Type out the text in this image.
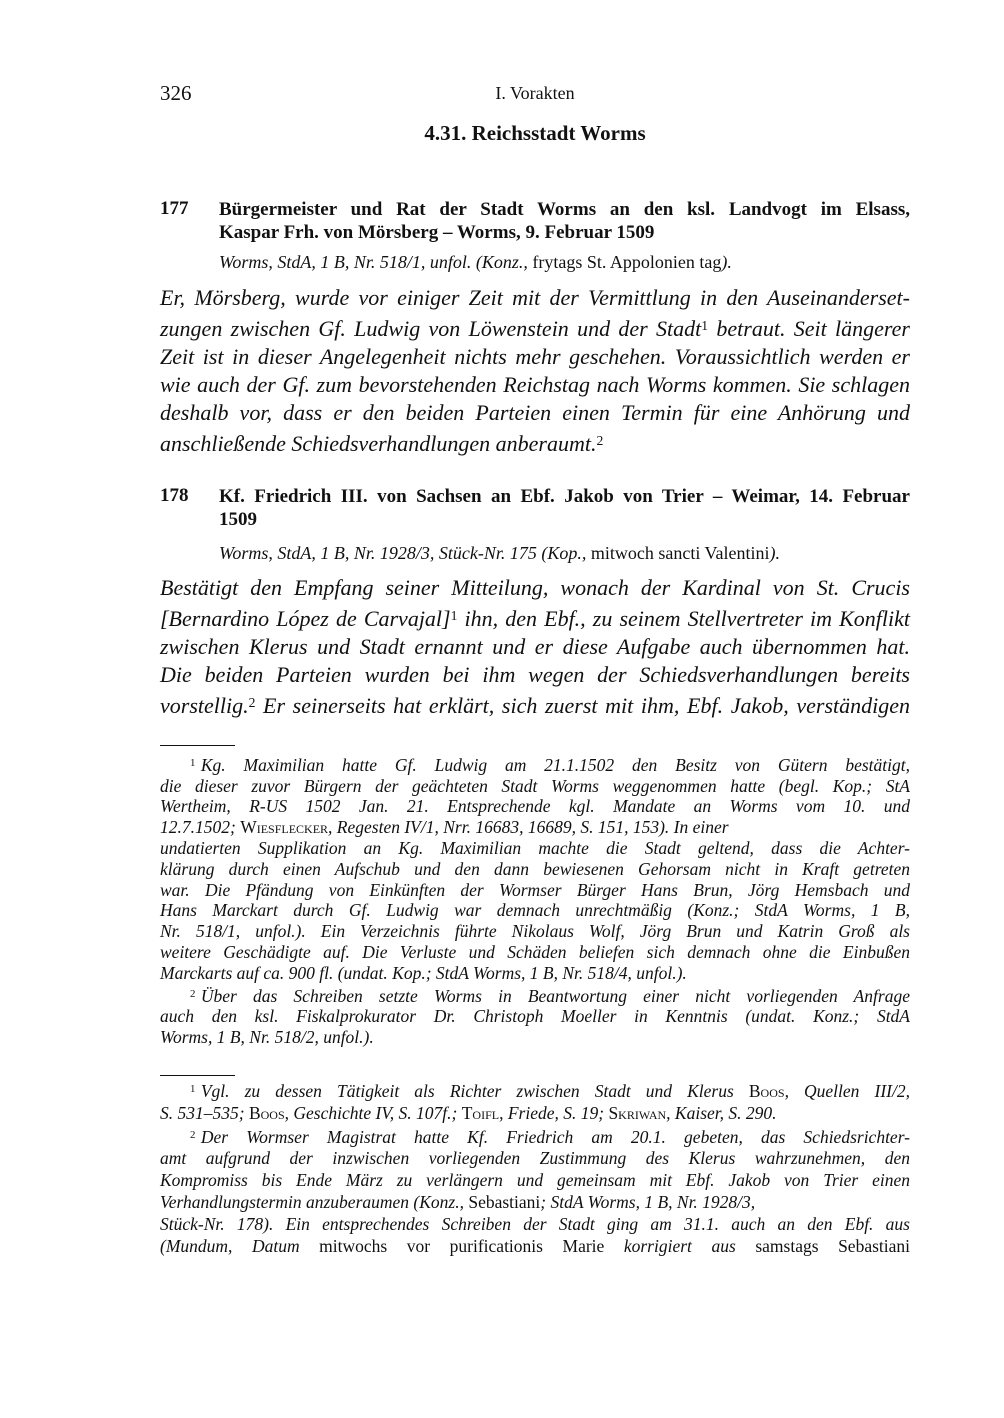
326	I. Vorakten
4.31. Reichsstadt Worms
177 Bürgermeister und Rat der Stadt Worms an den ksl. Landvogt im Elsass,
Kaspar Frh. von Mörsberg – Worms, 9. Februar 1509
Worms, StdA, 1 B, Nr. 518/1, unfol. (Konz., frytags St. Appolonien tag).
Er, Mörsberg, wurde vor einiger Zeit mit der Vermittlung in den Auseinanderset-
zungen zwischen Gf. Ludwig von Löwenstein und der Stadt$^1$ betraut. Seit längerer
Zeit ist in dieser Angelegenheit nichts mehr geschehen. Voraussichtlich werden er
wie auch der Gf. zum bevorstehenden Reichstag nach Worms kommen. Sie schlagen
deshalb vor, dass er den beiden Parteien einen Termin für eine Anhörung und
anschließende Schiedsverhandlungen anberaumt.$^2$
178 Kf. Friedrich III. von Sachsen an Ebf. Jakob von Trier – Weimar, 14. Februar
1509
Worms, StdA, 1 B, Nr. 1928/3, Stück-Nr. 175 (Kop., mitwoch sancti Valentini).
Bestätigt den Empfang seiner Mitteilung, wonach der Kardinal von St. Crucis
[Bernardino López de Carvajal]$^1$ ihn, den Ebf., zu seinem Stellvertreter im Konflikt
zwischen Klerus und Stadt ernannt und er diese Aufgabe auch übernommen hat.
Die beiden Parteien wurden bei ihm wegen der Schiedsverhandlungen bereits
vorstellig.$^2$ Er seinerseits hat erklärt, sich zuerst mit ihm, Ebf. Jakob, verständigen
$^1$ Kg. Maximilian hatte Gf. Ludwig am 21.1.1502 den Besitz von Gütern bestätigt,
die dieser zuvor Bürgern der geächteten Stadt Worms weggenommen hatte (begl. Kop.; StA
Wertheim, R-US 1502 Jan. 21. Entsprechende kgl. Mandate an Worms vom 10. und
12.7.1502; Wiesflecker, Regesten IV/1, Nrr. 16683, 16689, S. 151, 153). In einer
undatierten Supplikation an Kg. Maximilian machte die Stadt geltend, dass die Achter-
klärung durch einen Aufschub und den dann bewiesenen Gehorsam nicht in Kraft getreten
war. Die Pfändung von Einkünften der Wormser Bürger Hans Brun, Jörg Hemsbach und
Hans Marckart durch Gf. Ludwig war demnach unrechtmäßig (Konz.; StdA Worms, 1 B,
Nr. 518/1, unfol.). Ein Verzeichnis führte Nikolaus Wolf, Jörg Brun und Katrin Groß als
weitere Geschädigte auf. Die Verluste und Schäden beliefen sich demnach ohne die Einbußen
Marckarts auf ca. 900 fl. (undat. Kop.; StdA Worms, 1 B, Nr. 518/4, unfol.).
$^2$ Über das Schreiben setzte Worms in Beantwortung einer nicht vorliegenden Anfrage
auch den ksl. Fiskalprokurator Dr. Christoph Moeller in Kenntnis (undat. Konz.; StdA
Worms, 1 B, Nr. 518/2, unfol.).
$^1$ Vgl. zu dessen Tätigkeit als Richter zwischen Stadt und Klerus Boos, Quellen III/2,
S. 531–535; Boos, Geschichte IV, S. 107f.; Toifl, Friede, S. 19; Skriwan, Kaiser, S. 290.
$^2$ Der Wormser Magistrat hatte Kf. Friedrich am 20.1. gebeten, das Schiedsrichter-
amt aufgrund der inzwischen vorliegenden Zustimmung des Klerus wahrzunehmen, den
Kompromiss bis Ende März zu verlängern und gemeinsam mit Ebf. Jakob von Trier einen
Verhandlungstermin anzuberaumen (Konz., Sebastiani; StdA Worms, 1 B, Nr. 1928/3,
Stück-Nr. 178). Ein entsprechendes Schreiben der Stadt ging am 31.1. auch an den Ebf. aus
(Mundum, Datum mitwochs vor purificationis Marie korrigiert aus samstags Sebastiani
